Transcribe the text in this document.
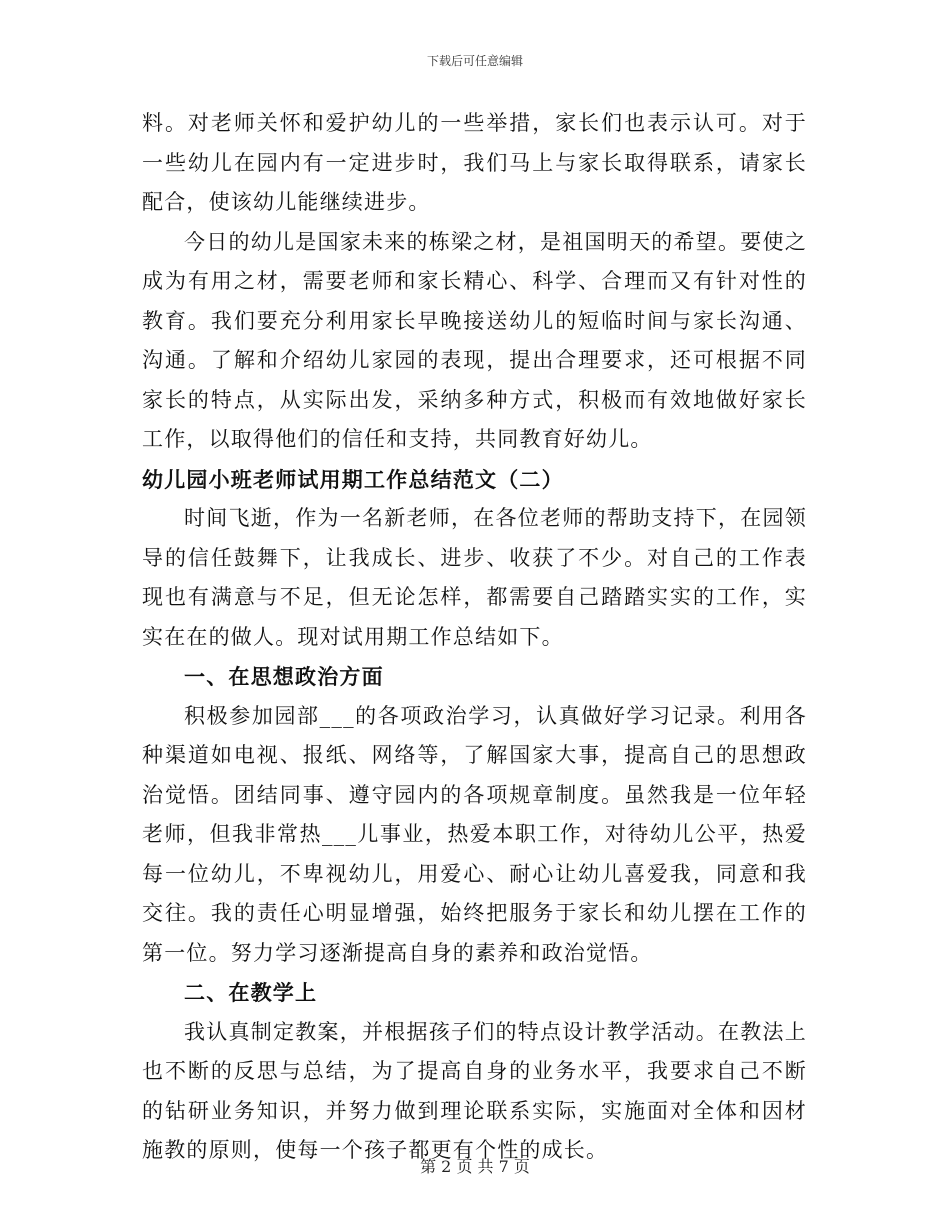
下载后可任意编辑

料。对老师关怀和爱护幼儿的一些举措，家长们也表示认可。对于一些幼儿在园内有一定进步时，我们马上与家长取得联系，请家长配合，使该幼儿能继续进步。

今日的幼儿是国家未来的栋梁之材，是祖国明天的希望。要使之成为有用之材，需要老师和家长精心、科学、合理而又有针对性的教育。我们要充分利用家长早晚接送幼儿的短临时间与家长沟通、沟通。了解和介绍幼儿家园的表现，提出合理要求，还可根据不同家长的特点，从实际出发，采纳多种方式，积极而有效地做好家长工作，以取得他们的信任和支持，共同教育好幼儿。

幼儿园小班老师试用期工作总结范文（二）

时间飞逝，作为一名新老师，在各位老师的帮助支持下，在园领导的信任鼓舞下，让我成长、进步、收获了不少。对自己的工作表现也有满意与不足，但无论怎样，都需要自己踏踏实实的工作，实实在在的做人。现对试用期工作总结如下。

一、在思想政治方面

积极参加园部___的各项政治学习，认真做好学习记录。利用各种渠道如电视、报纸、网络等，了解国家大事，提高自己的思想政治觉悟。团结同事、遵守园内的各项规章制度。虽然我是一位年轻老师，但我非常热___儿事业，热爱本职工作，对待幼儿公平，热爱每一位幼儿，不卑视幼儿，用爱心、耐心让幼儿喜爱我，同意和我交往。我的责任心明显增强，始终把服务于家长和幼儿摆在工作的第一位。努力学习逐渐提高自身的素养和政治觉悟。

二、在教学上

我认真制定教案，并根据孩子们的特点设计教学活动。在教法上也不断的反思与总结，为了提高自身的业务水平，我要求自己不断的钻研业务知识，并努力做到理论联系实际，实施面对全体和因材施教的原则，使每一个孩子都更有个性的成长。

第 2 页 共 7 页
